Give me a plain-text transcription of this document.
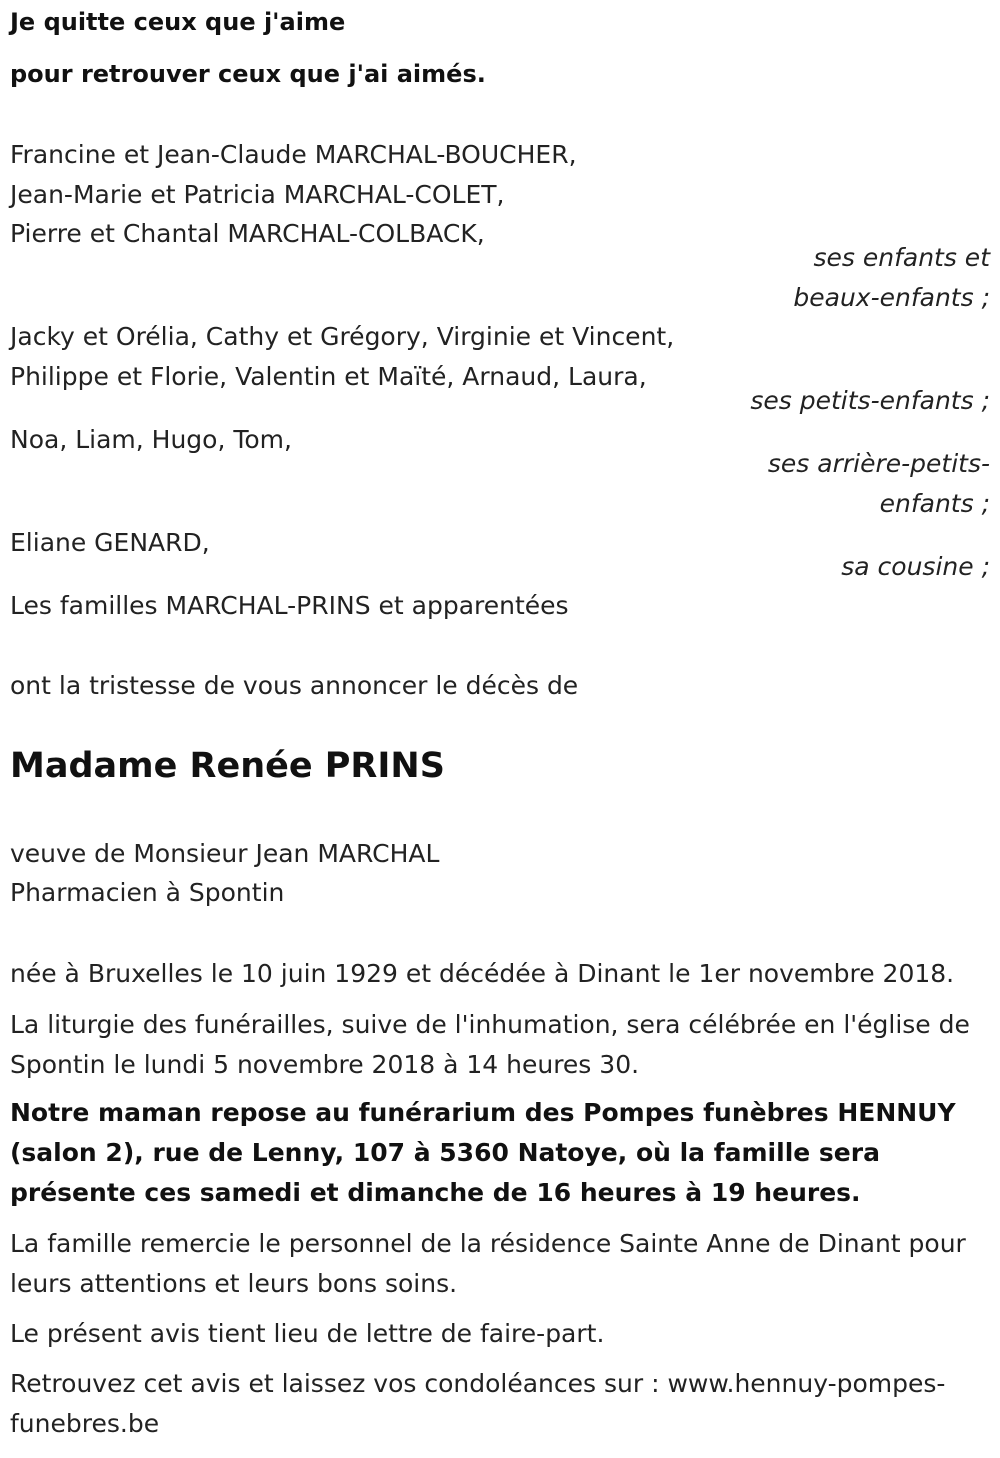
Je quitte ceux que j'aime
pour retrouver ceux que j'ai aimés.
Francine et Jean-Claude MARCHAL-BOUCHER,
Jean-Marie et Patricia MARCHAL-COLET,
Pierre et Chantal MARCHAL-COLBACK,
ses enfants et
beaux-enfants ;
Jacky et Orélia, Cathy et Grégory, Virginie et Vincent,
Philippe et Florie, Valentin et Maïté, Arnaud, Laura,
ses petits-enfants ;
Noa, Liam, Hugo, Tom,
ses arrière-petits-
enfants ;
Eliane GENARD,
sa cousine ;
Les familles MARCHAL-PRINS et apparentées
ont la tristesse de vous annoncer le décès de
Madame Renée PRINS
veuve de Monsieur Jean MARCHAL
Pharmacien à Spontin
née à Bruxelles le 10 juin 1929 et décédée à Dinant le 1er novembre 2018.
La liturgie des funérailles, suive de l'inhumation, sera célébrée en l'église de Spontin le lundi 5 novembre 2018 à 14 heures 30.
Notre maman repose au funérarium des Pompes funèbres HENNUY (salon 2), rue de Lenny, 107 à 5360 Natoye, où la famille sera présente ces samedi et dimanche de 16 heures à 19 heures.
La famille remercie le personnel de la résidence Sainte Anne de Dinant pour leurs attentions et leurs bons soins.
Le présent avis tient lieu de lettre de faire-part.
Retrouvez cet avis et laissez vos condoléances sur : www.hennuy-pompes-funebres.be
